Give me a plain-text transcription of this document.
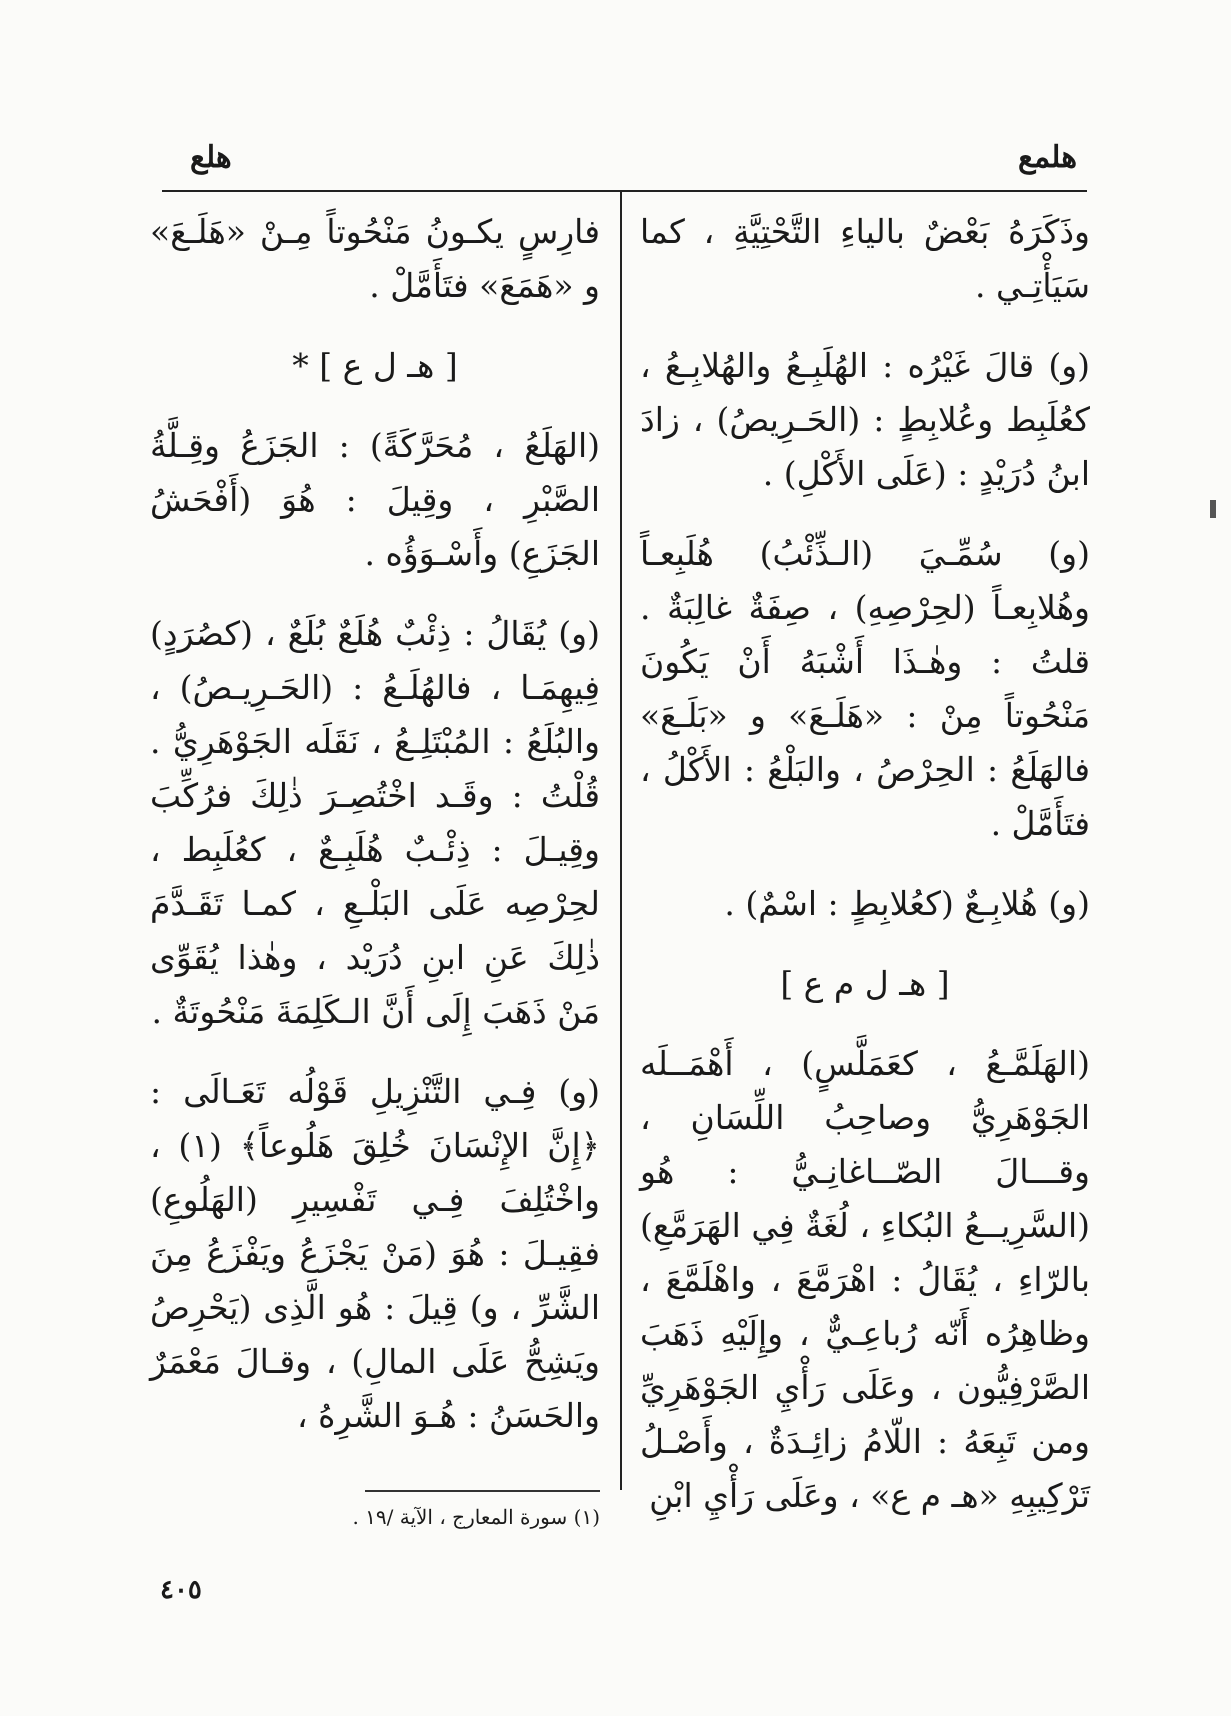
هلمع
هلع

وذَكَرَهُ بَعْضٌ بالياءِ التَّحْتِيَّةِ ، كما سَيَأْتِـي .

(و) قالَ غَيْرُه : الهُلَبِـعُ والهُلابِـعُ ، كعُلَبِط وعُلابِطٍ : (الحَـرِيصُ) ، زادَ ابنُ دُرَيْدٍ : (عَلَى الأَكْلِ) .

(و) سُمِّـيَ (الـذِّئْبُ) هُلَبِعـاً وهُلابِعـاً (لحِرْصِهِ) ، صِفَةٌ غالِبَةٌ . قلتُ : وهٰـذَا أَشْبَهُ أَنْ يَكُونَ مَنْحُوتاً مِنْ : «هَلَـعَ» و «بَلَـعَ» فالهَلَعُ : الحِرْصُ ، والبَلْعُ : الأَكْلُ ، فتَأَمَّلْ .

(و) هُلابِـعٌ (كعُلابِطٍ : اسْمٌ) .

[ هـ ل م ع ]

(الهَلَمَّـعُ ، كعَمَلَّسٍ) ، أَهْمَــلَه الجَوْهَرِيُّ وصاحِبُ اللِّسَانِ ، وقـــالَ الصّــاغانِـيُّ : هُو (السَّرِيــعُ البُكاءِ ، لُغَةٌ فِي الهَرَمَّعِ) بالرّاءِ ، يُقَالُ : اهْرَمَّعَ ، واهْلَمَّعَ ، وظاهِرُه أَنّه رُباعِـيٌّ ، وإِلَيْهِ ذَهَبَ الصَّرْفِيُّون ، وعَلَى رَأْيِ الجَوْهَرِيِّ ومن تَبِعَهُ : اللّامُ زائِـدَةٌ ، وأَصْـلُ تَرْكِيبِهِ «هـ م ع» ، وعَلَى رَأْيِ ابْنِ

فارِسٍ يكـونُ مَنْحُوتاً مِـنْ «هَلَـعَ» و «هَمَعَ» فتَأَمَّلْ .

[ هـ ل ع ] *

(الهَلَعُ ، مُحَرَّكَةً) : الجَزَعُ وقِـلَّةُ الصَّبْرِ ، وقِيلَ : هُوَ (أَفْحَشُ الجَزَعِ) وأَسْـوَؤُه .

(و) يُقَالُ : ذِئْبٌ هُلَعٌ بُلَعٌ ، (كصُرَدٍ) فِيهِمَـا ، فالهُلَـعُ : (الحَـرِيـصُ) ، والبُلَعُ : المُبْتَلِـعُ ، نَقَلَه الجَوْهَرِيُّ . قُلْتُ : وقَـد اخْتُصِـرَ ذٰلِكَ فرُكِّبَ وقِيـلَ : ذِئْـبٌ هُلَبِـعٌ ، كعُلَبِط ، لحِرْصِه عَلَى البَلْـعِ ، كمـا تَقَـدَّمَ ذٰلِكَ عَنِ ابنِ دُرَيْد ، وهٰذا يُقَوِّى مَنْ ذَهَبَ إِلَى أَنَّ الـكَلِمَةَ مَنْحُوتَةٌ .

(و) فِـي التَّنْزِيلِ قَوْلُه تَعَـالَى : ﴿إِنَّ الإِنْسَانَ خُلِقَ هَلُوعاً﴾ (١) ، واخْتُلِفَ فِـي تَفْسِيرِ (الهَلُوعِ) فقِيـلَ : هُوَ (مَنْ يَجْزَعُ ويَفْزَعُ مِنَ الشَّرِّ ، و) قِيلَ : هُو الَّذِى (يَحْرِصُ ويَشِحُّ عَلَى المالِ) ، وقـالَ مَعْمَرٌ والحَسَنُ : هُـوَ الشَّرِهُ ،

(١) سورة المعارج ، الآية /١٩ .
٤٠٥
